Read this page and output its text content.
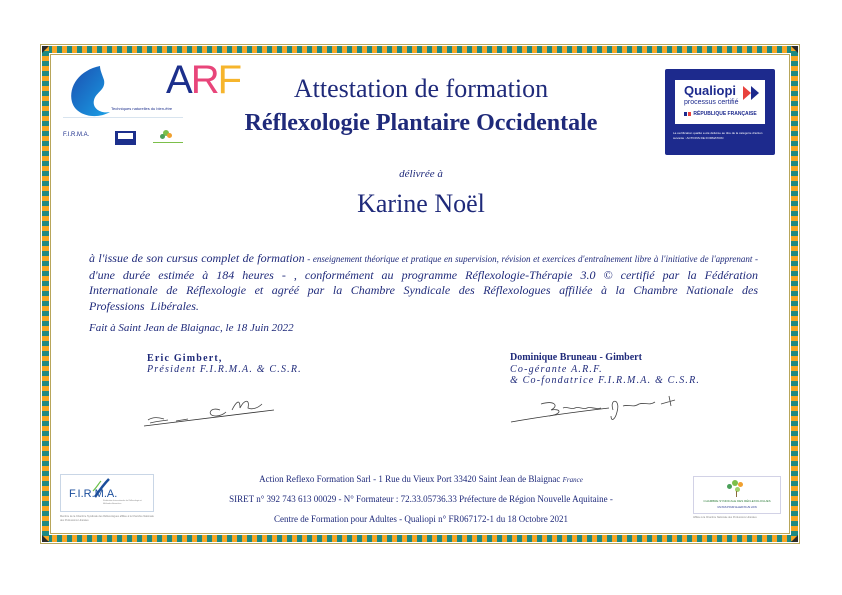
ARF
Techniques naturelles du bien-être
F.I.R.M.A.
Qualiopi
processus certifié
RÉPUBLIQUE FRANÇAISE
La certification qualité a été délivrée au titre de la catégorie d'action suivante : ACTIONS DE FORMATION
Attestation de formation
Réflexologie Plantaire Occidentale
délivrée à
Karine Noël
à l'issue de son cursus complet de formation - enseignement théorique et pratique en supervision, révision et exercices d'entraînement libre à l'initiative de l'apprenant - d'une durée estimée à 184 heures - , conformément au programme Réflexologie-Thérapie 3.0 © certifié par la Fédération Internationale de Réflexologie et agréé par la Chambre Syndicale des Réflexologues affiliée à la Chambre Nationale des Professions Libérales.
Fait à Saint Jean de Blaignac, le 18 Juin 2022
Eric Gimbert,
Président F.I.R.M.A. & C.S.R.
Dominique Bruneau - Gimbert
Co-gérante A.R.F.
& Co-fondatrice F.I.R.M.A. & C.S.R.
Action Reflexo Formation Sarl - 1 Rue du Vieux Port 33420 Saint Jean de Blaignac France
SIRET n° 392 743 613 00029 - N° Formateur : 72.33.05736.33 Préfecture de Région Nouvelle Aquitaine -
Centre de Formation pour Adultes - Qualiopi n° FR067172-1 du 18 Octobre 2021
F.I.R.M.A.
Fédération Internationale de Réflexologie et Méthodes Associées
Membre de la Chambre Syndicale des Réflexologues affiliée à la Chambre Nationale des Professions Libérales
CHAMBRE SYNDICALE DES RÉFLEXOLOGUES
UN PAS POUR ALLER PLUS LOIN
Affiliée à la Chambre Nationale des Professions Libérales
